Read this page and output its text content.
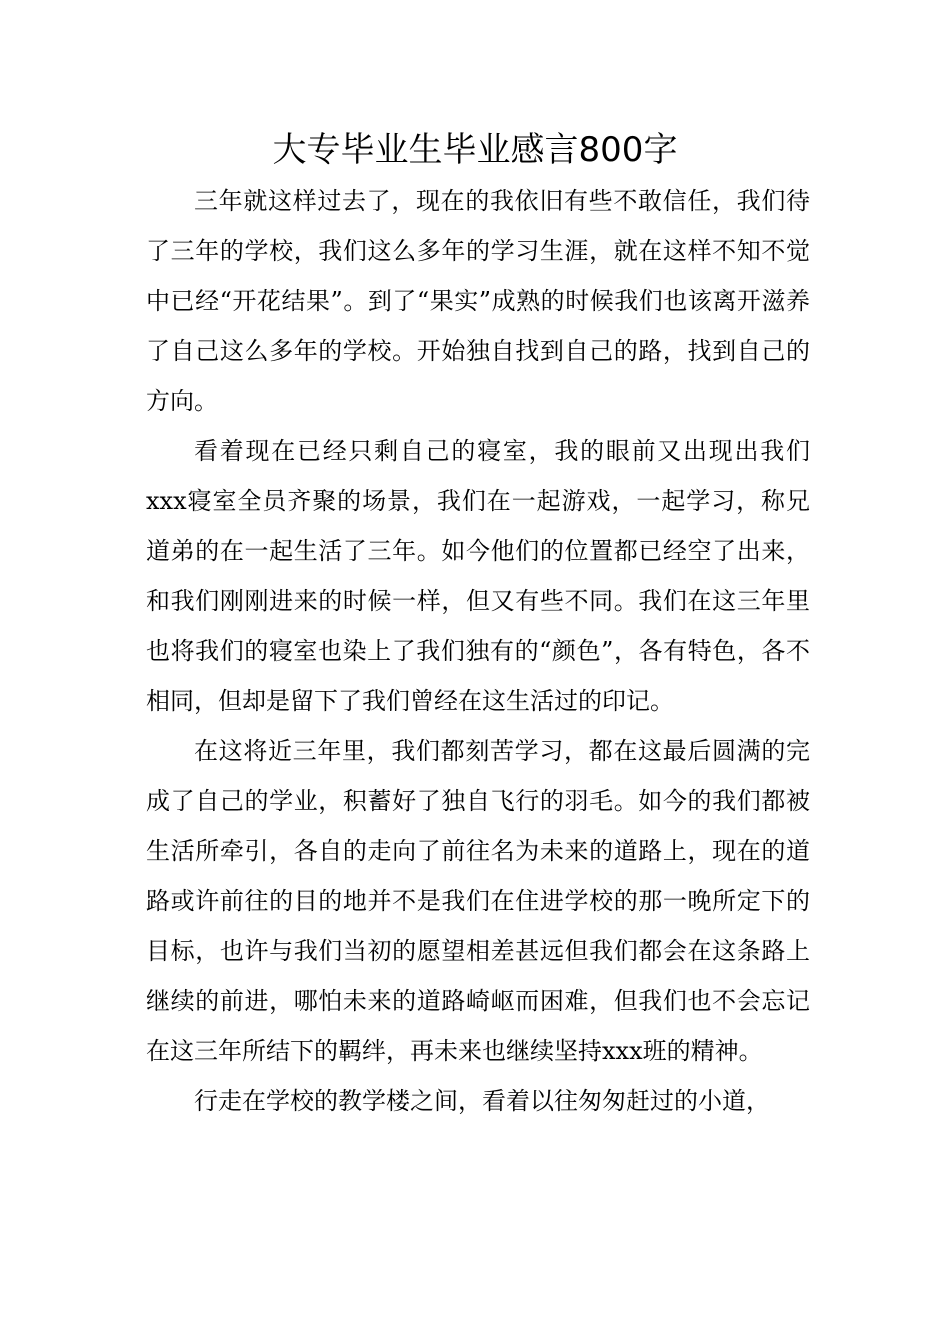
大专毕业生毕业感言800字

三年就这样过去了，现在的我依旧有些不敢信任，我们待了三年的学校，我们这么多年的学习生涯，就在这样不知不觉中已经“开花结果”。到了“果实”成熟的时候我们也该离开滋养了自己这么多年的学校。开始独自找到自己的路，找到自己的方向。

看着现在已经只剩自己的寝室，我的眼前又出现出我们xxx寝室全员齐聚的场景，我们在一起游戏，一起学习，称兄道弟的在一起生活了三年。如今他们的位置都已经空了出来，和我们刚刚进来的时候一样，但又有些不同。我们在这三年里也将我们的寝室也染上了我们独有的“颜色”，各有特色，各不相同，但却是留下了我们曾经在这生活过的印记。

在这将近三年里，我们都刻苦学习，都在这最后圆满的完成了自己的学业，积蓄好了独自飞行的羽毛。如今的我们都被生活所牵引，各自的走向了前往名为未来的道路上，现在的道路或许前往的目的地并不是我们在住进学校的那一晚所定下的目标，也许与我们当初的愿望相差甚远但我们都会在这条路上继续的前进，哪怕未来的道路崎岖而困难，但我们也不会忘记在这三年所结下的羁绊，再未来也继续坚持xxx班的精神。

行走在学校的教学楼之间，看着以往匆匆赶过的小道，
